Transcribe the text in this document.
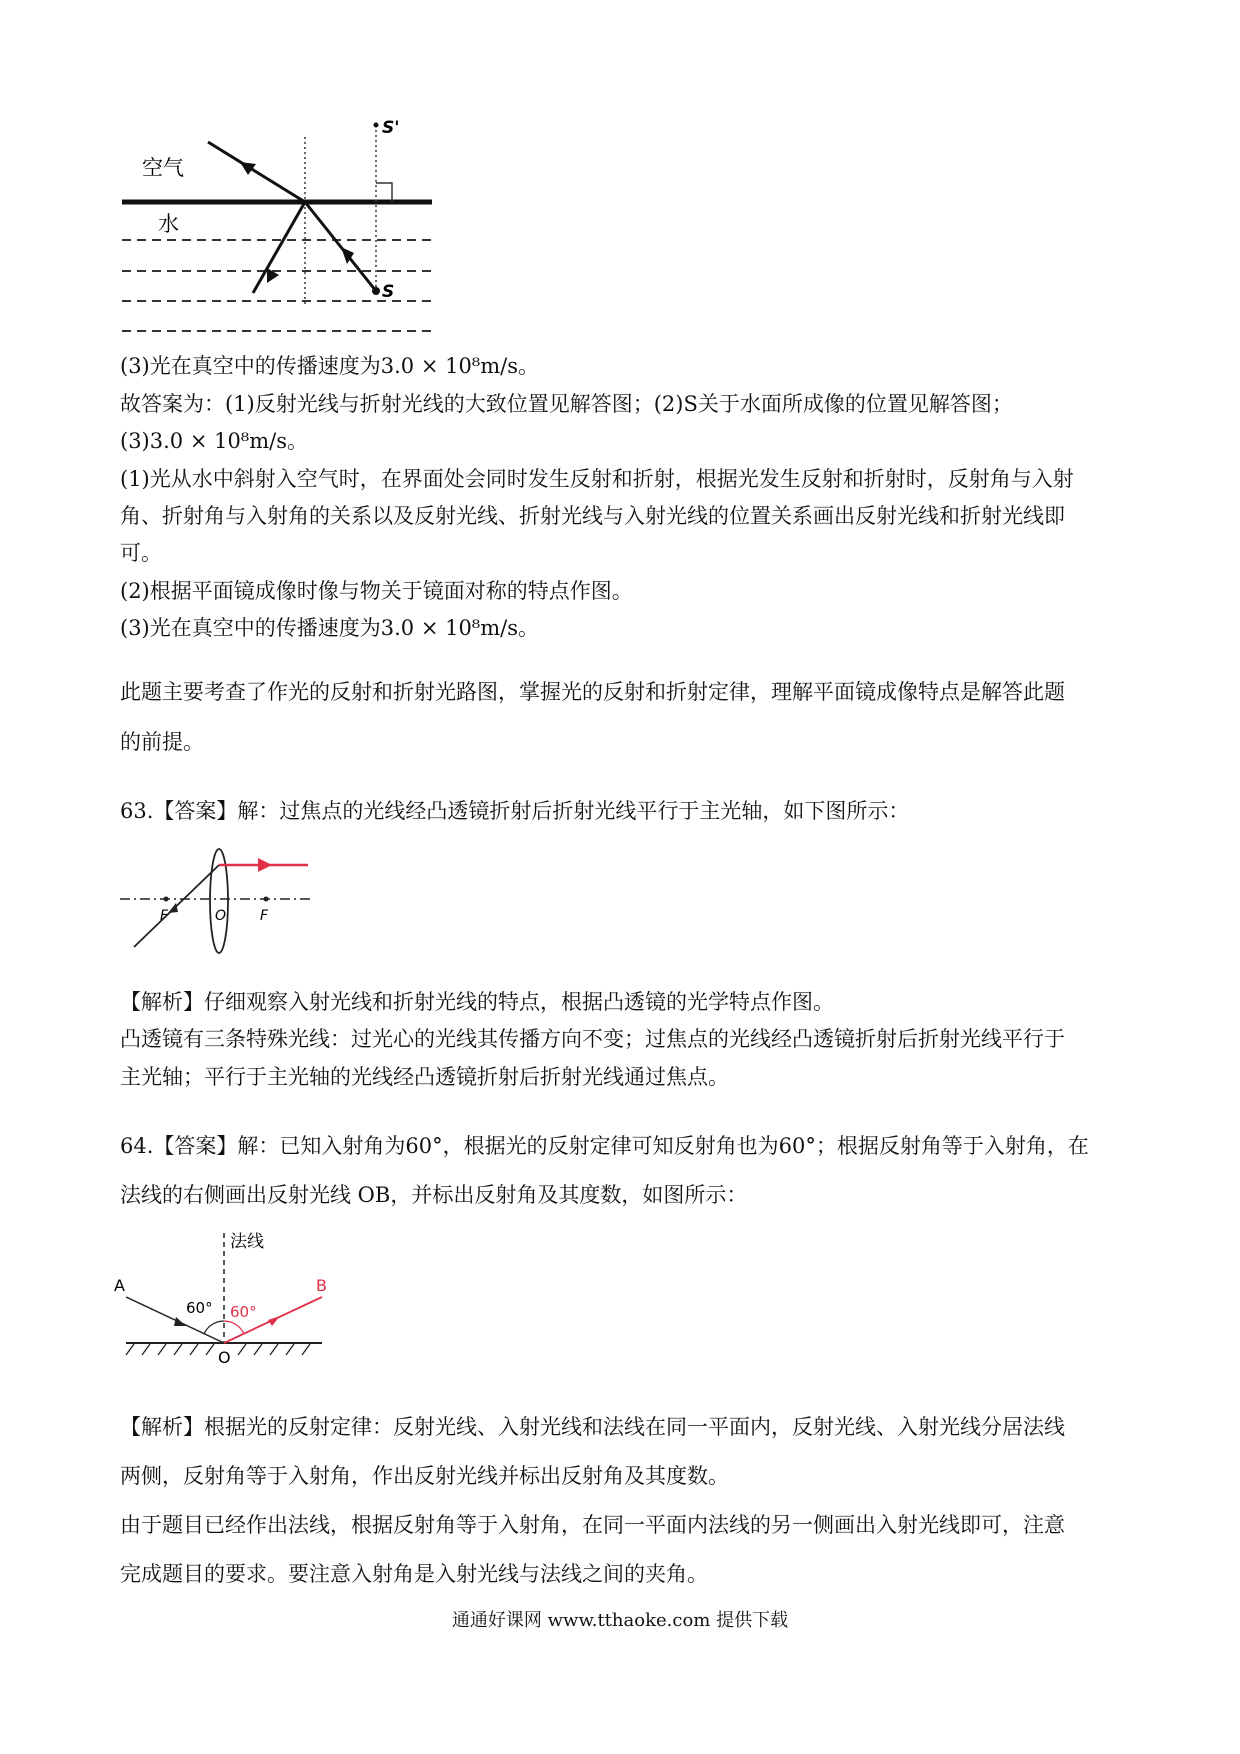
空气
水
S
S'
(3)光在真空中的传播速度为3.0 × 10⁸m/s。
故答案为：(1)反射光线与折射光线的大致位置见解答图；(2)S关于水面所成像的位置见解答图；
(3)3.0 × 10⁸m/s。
(1)光从水中斜射入空气时，在界面处会同时发生反射和折射，根据光发生反射和折射时，反射角与入射
角、折射角与入射角的关系以及反射光线、折射光线与入射光线的位置关系画出反射光线和折射光线即
可。
(2)根据平面镜成像时像与物关于镜面对称的特点作图。
(3)光在真空中的传播速度为3.0 × 10⁸m/s。
此题主要考查了作光的反射和折射光路图，掌握光的反射和折射定律，理解平面镜成像特点是解答此题
的前提。
63.【答案】解：过焦点的光线经凸透镜折射后折射光线平行于主光轴，如下图所示：
F	O F
【解析】仔细观察入射光线和折射光线的特点，根据凸透镜的光学特点作图。
凸透镜有三条特殊光线：过光心的光线其传播方向不变；过焦点的光线经凸透镜折射后折射光线平行于
主光轴；平行于主光轴的光线经凸透镜折射后折射光线通过焦点。
64.【答案】解：已知入射角为60°，根据光的反射定律可知反射角也为60°；根据反射角等于入射角，在
法线的右侧画出反射光线 OB，并标出反射角及其度数，如图所示：
法线
A	B
60° 60°
O
【解析】根据光的反射定律：反射光线、入射光线和法线在同一平面内，反射光线、入射光线分居法线
两侧，反射角等于入射角，作出反射光线并标出反射角及其度数。
由于题目已经作出法线，根据反射角等于入射角，在同一平面内法线的另一侧画出入射光线即可，注意
完成题目的要求。要注意入射角是入射光线与法线之间的夹角。
通通好课网 www.tthaoke.com 提供下载
